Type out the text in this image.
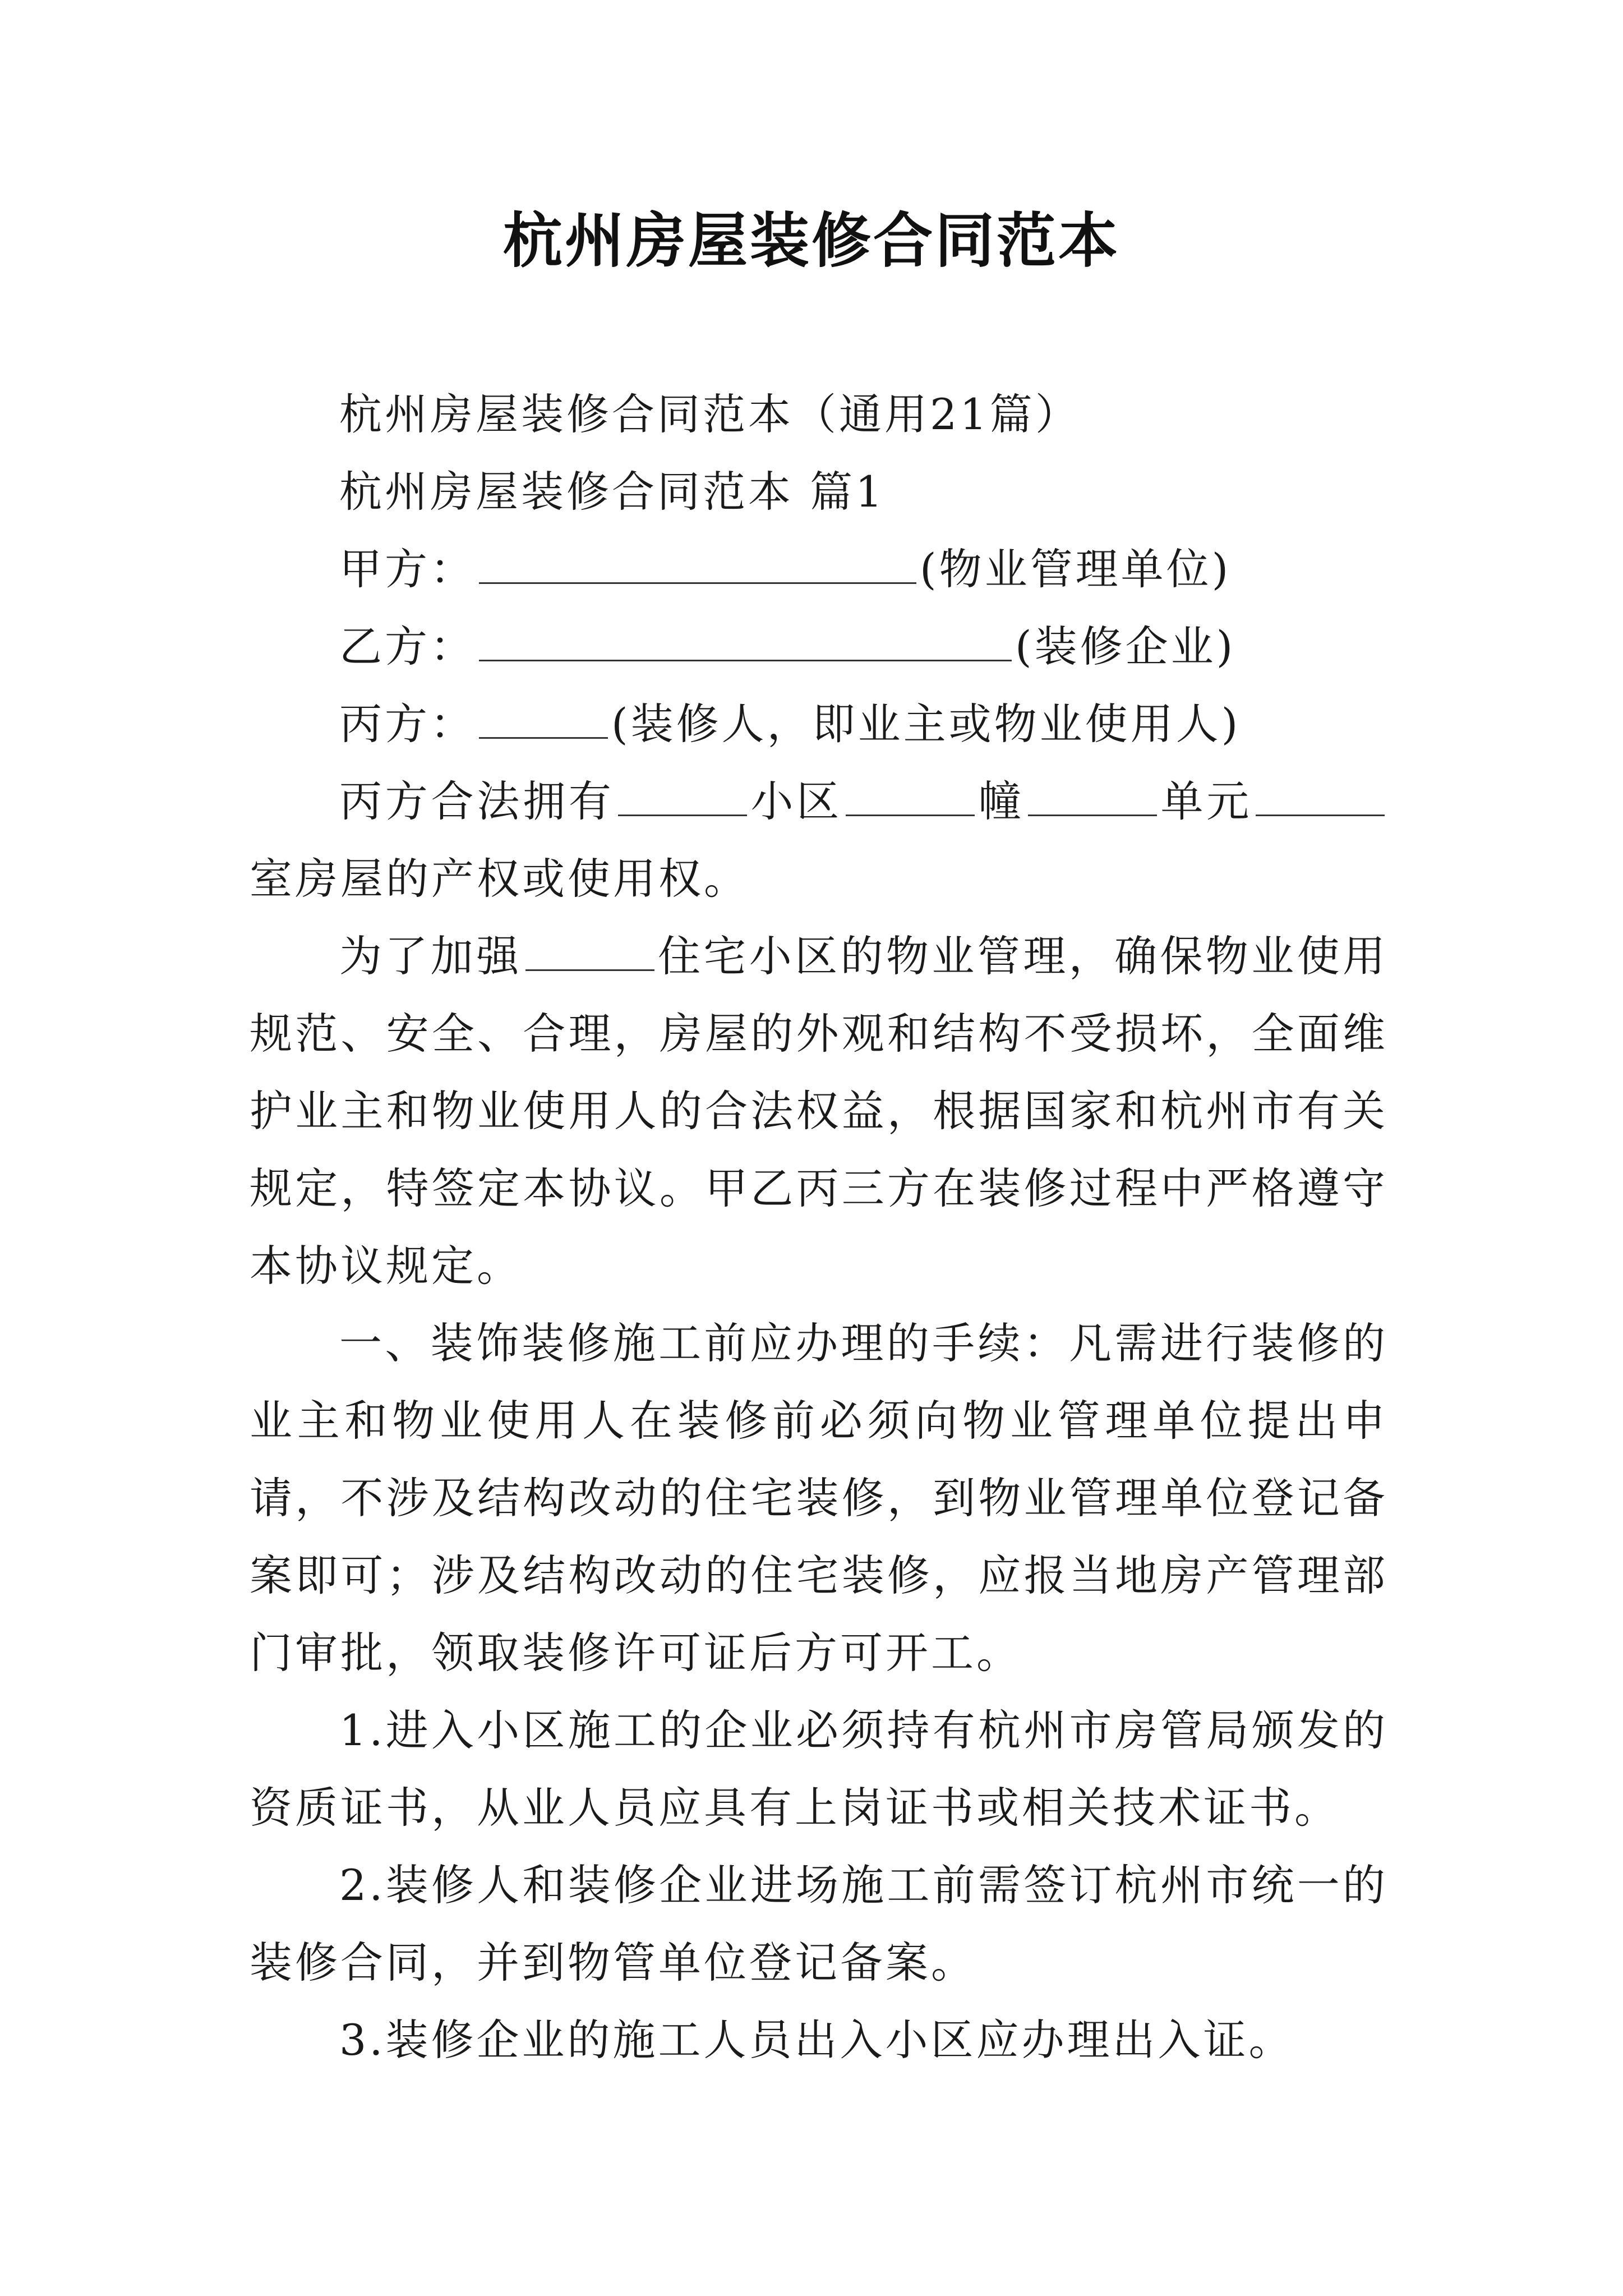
杭州房屋装修合同范本
杭州房屋装修合同范本（通用21篇）
杭州房屋装修合同范本 篇1
甲方：	(物业管理单位)
乙方：	(装修企业)
丙方：	(装修人，即业主或物业使用人)

丙方合法拥有	小区	幢	单元室房屋的产权或使用权。

为了加强	住宅小区的物业管理，确保物业使用规范、安全、合理，房屋的外观和结构不受损坏，全面维护业主和物业使用人的合法权益，根据国家和杭州市有关规定，特签定本协议。甲乙丙三方在装修过程中严格遵守本协议规定。

一、装饰装修施工前应办理的手续：凡需进行装修的业主和物业使用人在装修前必须向物业管理单位提出申请，不涉及结构改动的住宅装修，到物业管理单位登记备案即可；涉及结构改动的住宅装修，应报当地房产管理部门审批，领取装修许可证后方可开工。

1.进入小区施工的企业必须持有杭州市房管局颁发的资质证书，从业人员应具有上岗证书或相关技术证书。

2.装修人和装修企业进场施工前需签订杭州市统一的装修合同，并到物管单位登记备案。

3.装修企业的施工人员出入小区应办理出入证。
